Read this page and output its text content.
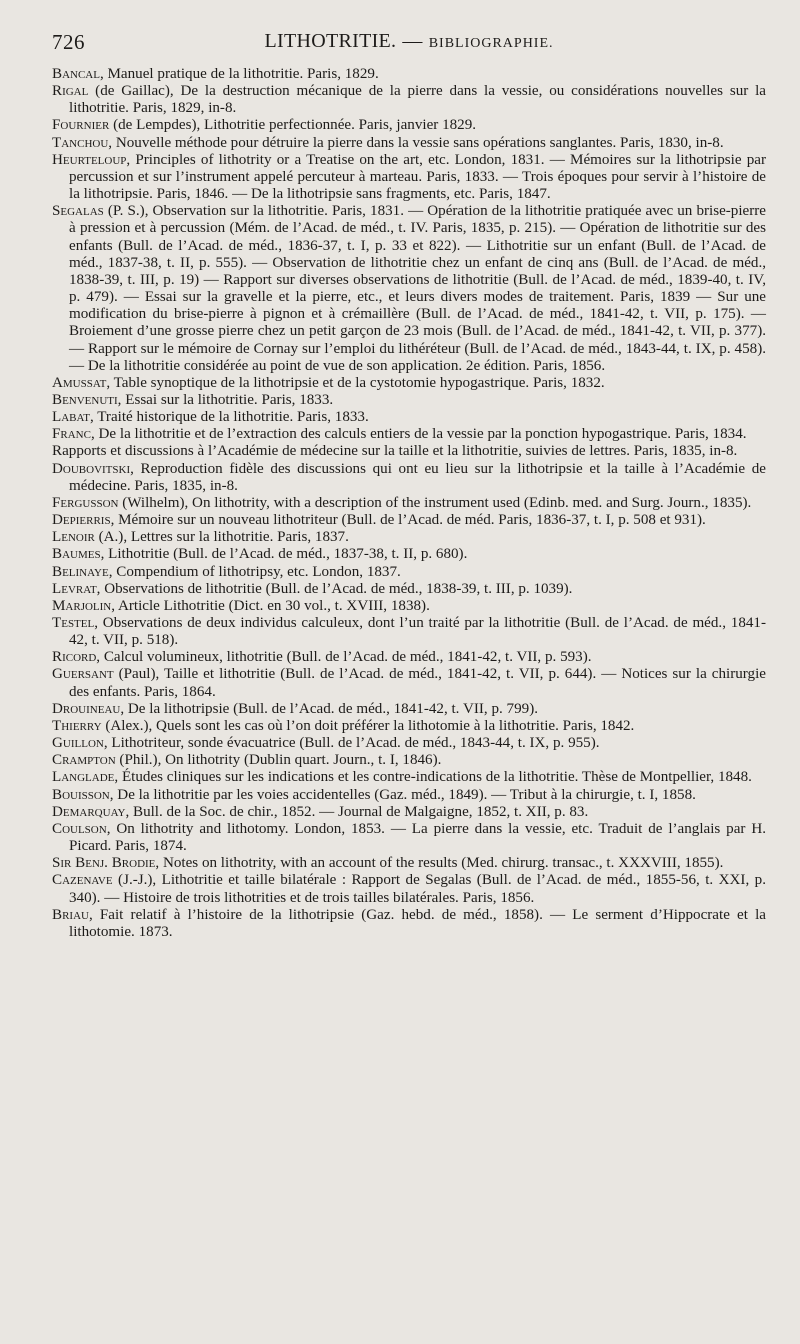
726	LITHOTRITIE. — BIBLIOGRAPHIE.
Bancal, Manuel pratique de la lithotritie. Paris, 1829.
Rigal (de Gaillac), De la destruction mécanique de la pierre dans la vessie, ou considérations nouvelles sur la lithotritie. Paris, 1829, in-8.
Fournier (de Lempdes), Lithotritie perfectionnée. Paris, janvier 1829.
Tanchou, Nouvelle méthode pour détruire la pierre dans la vessie sans opérations sanglantes. Paris, 1830, in-8.
Heurteloup, Principles of lithotrity or a Treatise on the art, etc. London, 1831. — Mémoires sur la lithotripsie par percussion et sur l’instrument appelé percuteur à marteau. Paris, 1833. — Trois époques pour servir à l’histoire de la lithotripsie. Paris, 1846. — De la lithotripsie sans fragments, etc. Paris, 1847.
Segalas (P. S.), Observation sur la lithotritie. Paris, 1831. — Opération de la lithotritie pratiquée avec un brise-pierre à pression et à percussion (Mém. de l’Acad. de méd., t. IV. Paris, 1835, p. 215). — Opération de lithotritie sur des enfants (Bull. de l’Acad. de méd., 1836-37, t. I, p. 33 et 822). — Lithotritie sur un enfant (Bull. de l’Acad. de méd., 1837-38, t. II, p. 555). — Observation de lithotritie chez un enfant de cinq ans (Bull. de l’Acad. de méd., 1838-39, t. III, p. 19) — Rapport sur diverses observations de lithotritie (Bull. de l’Acad. de méd., 1839-40, t. IV, p. 479). — Essai sur la gravelle et la pierre, etc., et leurs divers modes de traitement. Paris, 1839 — Sur une modification du brise-pierre à pignon et à crémaillère (Bull. de l’Acad. de méd., 1841-42, t. VII, p. 175). — Broiement d’une grosse pierre chez un petit garçon de 23 mois (Bull. de l’Acad. de méd., 1841-42, t. VII, p. 377). — Rapport sur le mémoire de Cornay sur l’emploi du lithéréteur (Bull. de l’Acad. de méd., 1843-44, t. IX, p. 458). — De la lithotritie considérée au point de vue de son application. 2e édition. Paris, 1856.
Amussat, Table synoptique de la lithotripsie et de la cystotomie hypogastrique. Paris, 1832.
Benvenuti, Essai sur la lithotritie. Paris, 1833.
Labat, Traité historique de la lithotritie. Paris, 1833.
Franc, De la lithotritie et de l’extraction des calculs entiers de la vessie par la ponction hypogastrique. Paris, 1834.
Rapports et discussions à l’Académie de médecine sur la taille et la lithotritie, suivies de lettres. Paris, 1835, in-8.
Doubovitski, Reproduction fidèle des discussions qui ont eu lieu sur la lithotripsie et la taille à l’Académie de médecine. Paris, 1835, in-8.
Fergusson (Wilhelm), On lithotrity, with a description of the instrument used (Edinb. med. and Surg. Journ., 1835).
Depierris, Mémoire sur un nouveau lithotriteur (Bull. de l’Acad. de méd. Paris, 1836-37, t. I, p. 508 et 931).
Lenoir (A.), Lettres sur la lithotritie. Paris, 1837.
Baumes, Lithotritie (Bull. de l’Acad. de méd., 1837-38, t. II, p. 680).
Belinaye, Compendium of lithotripsy, etc. London, 1837.
Levrat, Observations de lithotritie (Bull. de l’Acad. de méd., 1838-39, t. III, p. 1039).
Marjolin, Article Lithotritie (Dict. en 30 vol., t. XVIII, 1838).
Testel, Observations de deux individus calculeux, dont l’un traité par la lithotritie (Bull. de l’Acad. de méd., 1841-42, t. VII, p. 518).
Ricord, Calcul volumineux, lithotritie (Bull. de l’Acad. de méd., 1841-42, t. VII, p. 593).
Guersant (Paul), Taille et lithotritie (Bull. de l’Acad. de méd., 1841-42, t. VII, p. 644). — Notices sur la chirurgie des enfants. Paris, 1864.
Drouineau, De la lithotripsie (Bull. de l’Acad. de méd., 1841-42, t. VII, p. 799).
Thierry (Alex.), Quels sont les cas où l’on doit préférer la lithotomie à la lithotritie. Paris, 1842.
Guillon, Lithotriteur, sonde évacuatrice (Bull. de l’Acad. de méd., 1843-44, t. IX, p. 955).
Crampton (Phil.), On lithotrity (Dublin quart. Journ., t. I, 1846).
Langlade, Études cliniques sur les indications et les contre-indications de la lithotritie. Thèse de Montpellier, 1848.
Bouisson, De la lithotritie par les voies accidentelles (Gaz. méd., 1849). — Tribut à la chirurgie, t. I, 1858.
Demarquay, Bull. de la Soc. de chir., 1852. — Journal de Malgaigne, 1852, t. XII, p. 83.
Coulson, On lithotrity and lithotomy. London, 1853. — La pierre dans la vessie, etc. Traduit de l’anglais par H. Picard. Paris, 1874.
Sir Benj. Brodie, Notes on lithotrity, with an account of the results (Med. chirurg. transac., t. XXXVIII, 1855).
Cazenave (J.-J.), Lithotritie et taille bilatérale : Rapport de Segalas (Bull. de l’Acad. de méd., 1855-56, t. XXI, p. 340). — Histoire de trois lithotrities et de trois tailles bilatérales. Paris, 1856.
Briau, Fait relatif à l’histoire de la lithotripsie (Gaz. hebd. de méd., 1858). — Le serment d’Hippocrate et la lithotomie. 1873.
